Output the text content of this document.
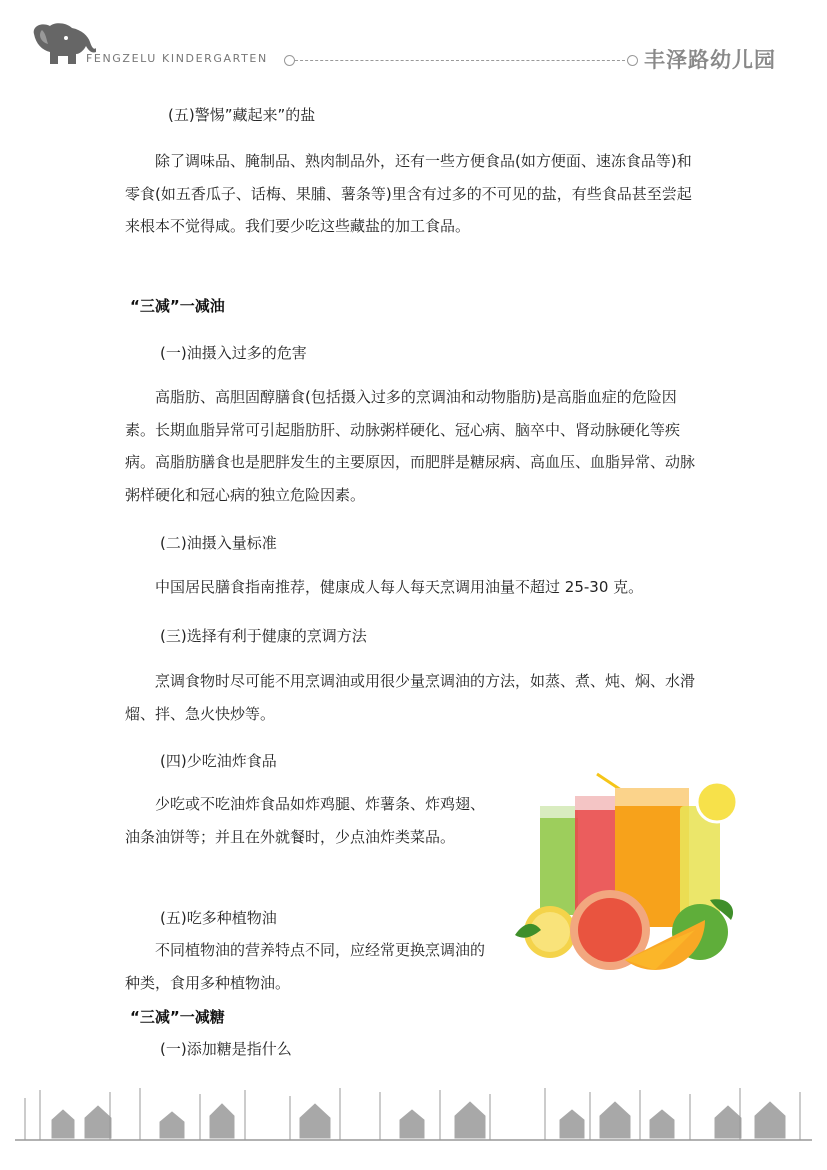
FENGZELU KINDERGARTEN	丰泽路幼儿园
(五)警惕”藏起来”的盐
除了调味品、腌制品、熟肉制品外，还有一些方便食品(如方便面、速冻食品等)和零食(如五香瓜子、话梅、果脯、薯条等)里含有过多的不可见的盐，有些食品甚至尝起来根本不觉得咸。我们要少吃这些藏盐的加工食品。
“三减”一减油
(一)油摄入过多的危害
高脂肪、高胆固醇膳食(包括摄入过多的烹调油和动物脂肪)是高脂血症的危险因素。长期血脂异常可引起脂肪肝、动脉粥样硬化、冠心病、脑卒中、肾动脉硬化等疾病。高脂肪膳食也是肥胖发生的主要原因，而肥胖是糖尿病、高血压、血脂异常、动脉粥样硬化和冠心病的独立危险因素。
(二)油摄入量标准
中国居民膳食指南推荐，健康成人每人每天烹调用油量不超过 25-30 克。
(三)选择有利于健康的烹调方法
烹调食物时尽可能不用烹调油或用很少量烹调油的方法，如蒸、煮、炖、焖、水滑熘、拌、急火快炒等。
(四)少吃油炸食品
少吃或不吃油炸食品如炸鸡腿、炸薯条、炸鸡翅、油条油饼等；并且在外就餐时，少点油炸类菜品。
(五)吃多种植物油
不同植物油的营养特点不同，应经常更换烹调油的种类，食用多种植物油。
“三减”一减糖
(一)添加糖是指什么
